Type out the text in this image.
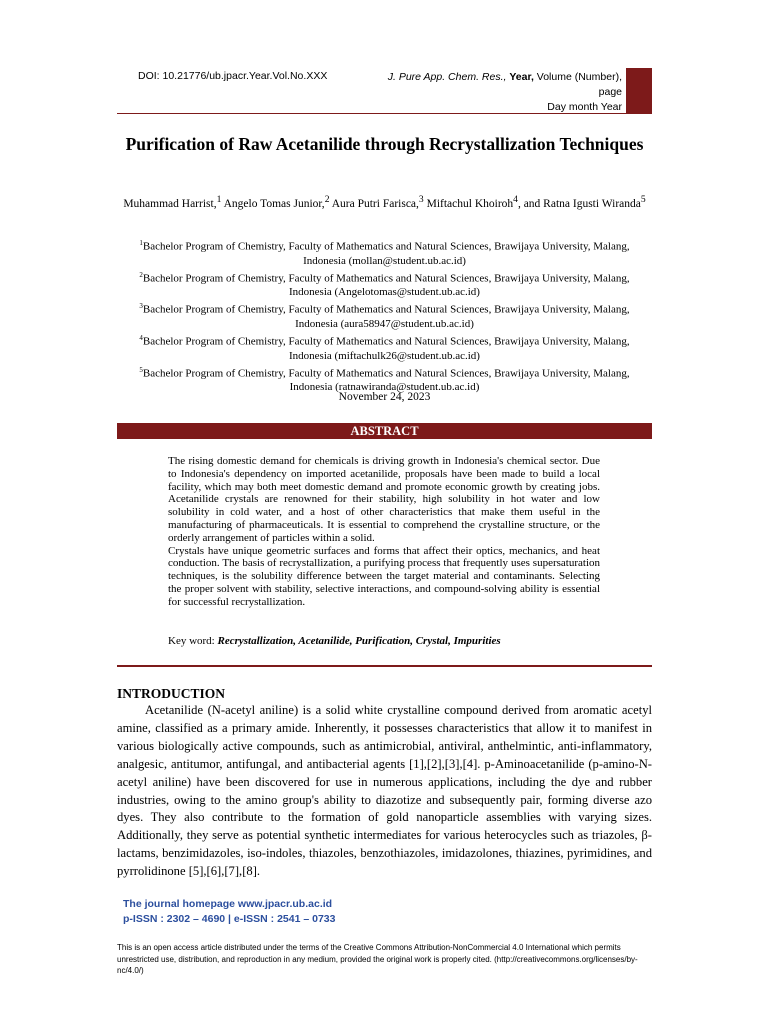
DOI: 10.21776/ub.jpacr.Year.Vol.No.XXX	J. Pure App. Chem. Res., Year, Volume (Number),
page
Day month Year
Purification of Raw Acetanilide through Recrystallization Techniques
Muhammad Harrist,$^1$ Angelo Tomas Junior,$^2$ Aura Putri Farisca,$^3$ Miftachul Khoiroh$^4$, and Ratna Igusti Wiranda$^5$
$^1$Bachelor Program of Chemistry, Faculty of Mathematics and Natural Sciences, Brawijaya University, Malang, Indonesia (mollan@student.ub.ac.id)
$^2$Bachelor Program of Chemistry, Faculty of Mathematics and Natural Sciences, Brawijaya University, Malang, Indonesia (Angelotomas@student.ub.ac.id)
$^3$Bachelor Program of Chemistry, Faculty of Mathematics and Natural Sciences, Brawijaya University, Malang, Indonesia (aura58947@student.ub.ac.id)
$^4$Bachelor Program of Chemistry, Faculty of Mathematics and Natural Sciences, Brawijaya University, Malang, Indonesia (miftachulk26@student.ub.ac.id)
$^5$Bachelor Program of Chemistry, Faculty of Mathematics and Natural Sciences, Brawijaya University, Malang, Indonesia (ratnawiranda@student.ub.ac.id)
November 24, 2023
ABSTRACT

The rising domestic demand for chemicals is driving growth in Indonesia's chemical sector. Due to Indonesia's dependency on imported acetanilide, proposals have been made to build a local facility, which may both meet domestic demand and promote economic growth by creating jobs. Acetanilide crystals are renowned for their stability, high solubility in hot water and low solubility in cold water, and a host of other characteristics that make them useful in the manufacturing of pharmaceuticals. It is essential to comprehend the crystalline structure, or the orderly arrangement of particles within a solid.

Crystals have unique geometric surfaces and forms that affect their optics, mechanics, and heat conduction. The basis of recrystallization, a purifying process that frequently uses supersaturation techniques, is the solubility difference between the target material and contaminants. Selecting the proper solvent with stability, selective interactions, and compound-solving ability is essential for successful recrystallization.

Key word: Recrystallization, Acetanilide, Purification, Crystal, Impurities
INTRODUCTION

Acetanilide (N-acetyl aniline) is a solid white crystalline compound derived from aromatic acetyl amine, classified as a primary amide. Inherently, it possesses characteristics that allow it to manifest in various biologically active compounds, such as antimicrobial, antiviral, anthelmintic, anti-inflammatory, analgesic, antitumor, antifungal, and antibacterial agents [1],[2],[3],[4]. p-Aminoacetanilide (p-amino-N-acetyl aniline) have been discovered for use in numerous applications, including the dye and rubber industries, owing to the amino group's ability to diazotize and subsequently pair, forming diverse azo dyes. They also contribute to the formation of gold nanoparticle assemblies with varying sizes. Additionally, they serve as potential synthetic intermediates for various heterocycles such as triazoles, β-lactams, benzimidazoles, iso-indoles, thiazoles, benzothiazoles, imidazolones, thiazines, pyrimidines, and pyrrolidinone [5],[6],[7],[8].

The journal homepage www.jpacr.ub.ac.id
p-ISSN : 2302 – 4690 | e-ISSN : 2541 – 0733
This is an open access article distributed under the terms of the Creative Commons Attribution-NonCommercial 4.0 International which permits unrestricted use, distribution, and reproduction in any medium, provided the original work is properly cited. (http://creativecommons.org/licenses/by-nc/4.0/)
